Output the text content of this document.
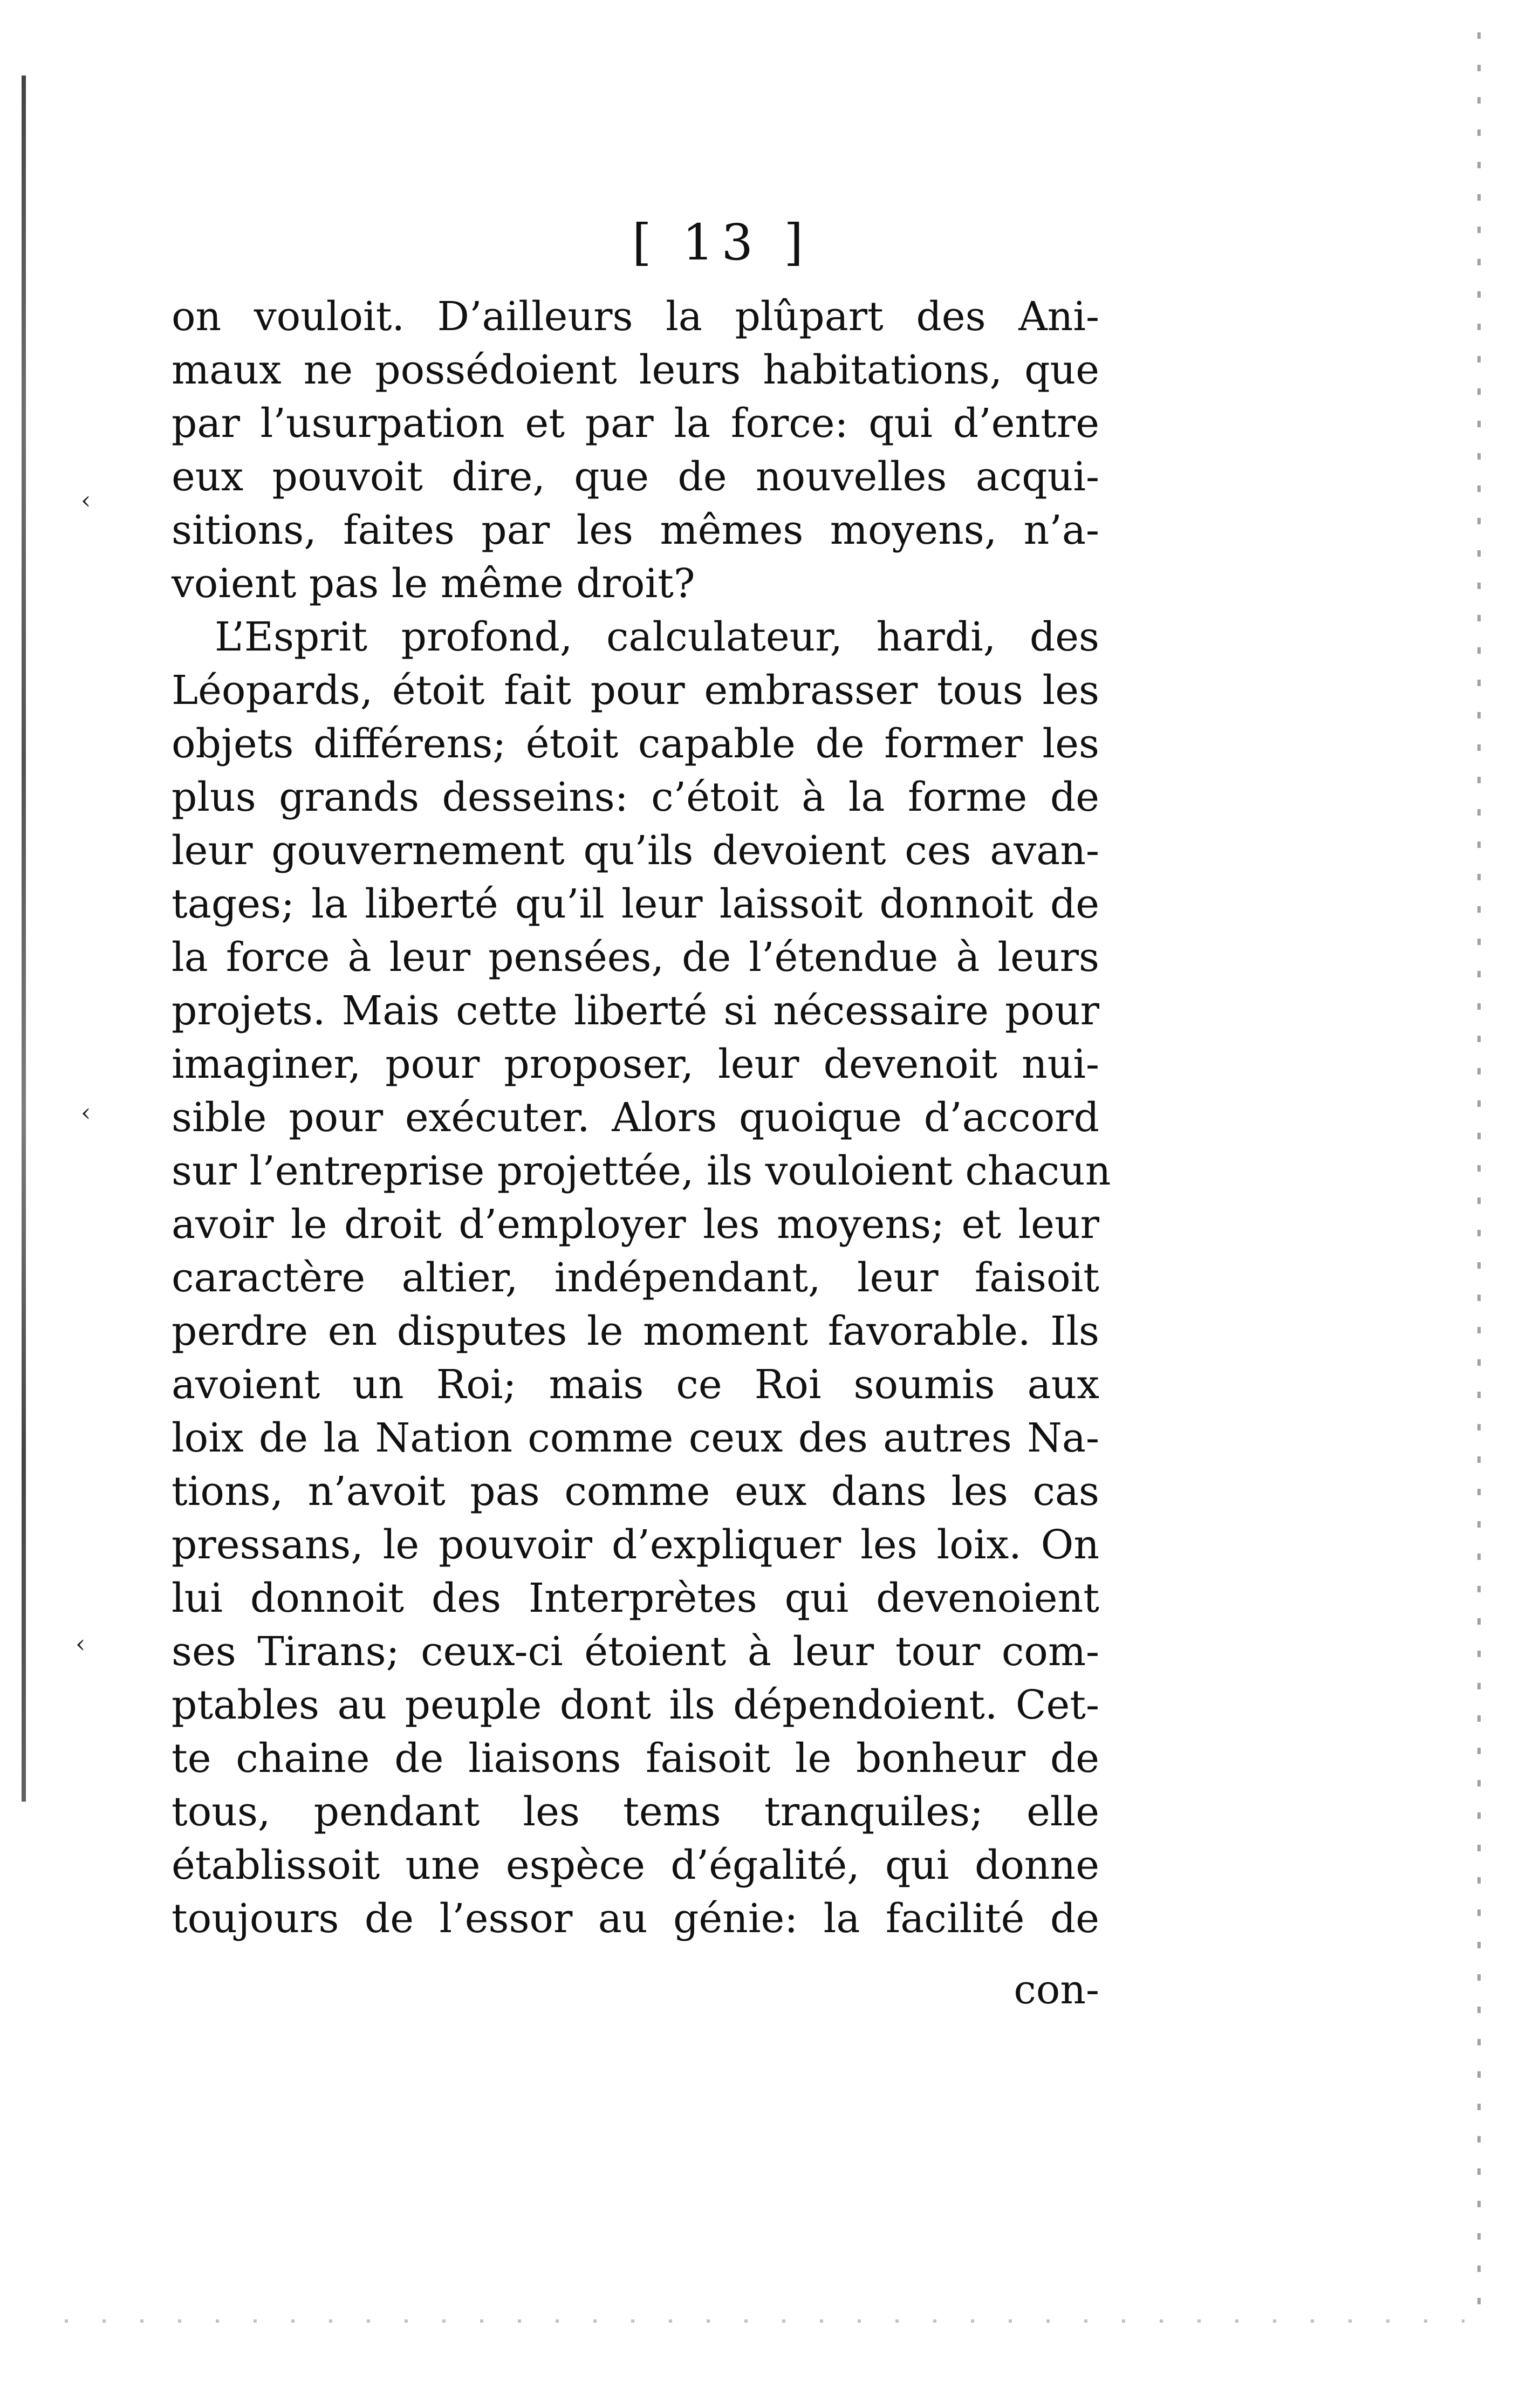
[ 13 ]
on vouloit. D’ailleurs la plûpart des Ani-
maux ne possédoient leurs habitations, que
par l’usurpation et par la force: qui d’entre
eux pouvoit dire, que de nouvelles acqui-
sitions, faites par les mêmes moyens, n’a-
voient pas le même droit?
L’Esprit profond, calculateur, hardi, des
Léopards, étoit fait pour embrasser tous les
objets différens; étoit capable de former les
plus grands desseins: c’étoit à la forme de
leur gouvernement qu’ils devoient ces avan-
tages; la liberté qu’il leur laissoit donnoit de
la force à leur pensées, de l’étendue à leurs
projets. Mais cette liberté si nécessaire pour
imaginer, pour proposer, leur devenoit nui-
sible pour exécuter. Alors quoique d’accord
sur l’entreprise projettée, ils vouloient chacun
avoir le droit d’employer les moyens; et leur
caractère altier, indépendant, leur faisoit
perdre en disputes le moment favorable. Ils
avoient un Roi; mais ce Roi soumis aux
loix de la Nation comme ceux des autres Na-
tions, n’avoit pas comme eux dans les cas
pressans, le pouvoir d’expliquer les loix. On
lui donnoit des Interprètes qui devenoient
ses Tirans; ceux-ci étoient à leur tour com-
ptables au peuple dont ils dépendoient. Cet-
te chaine de liaisons faisoit le bonheur de
tous, pendant les tems tranquiles; elle
établissoit une espèce d’égalité, qui donne
toujours de l’essor au génie: la facilité de
con-
‹
‹
‹
